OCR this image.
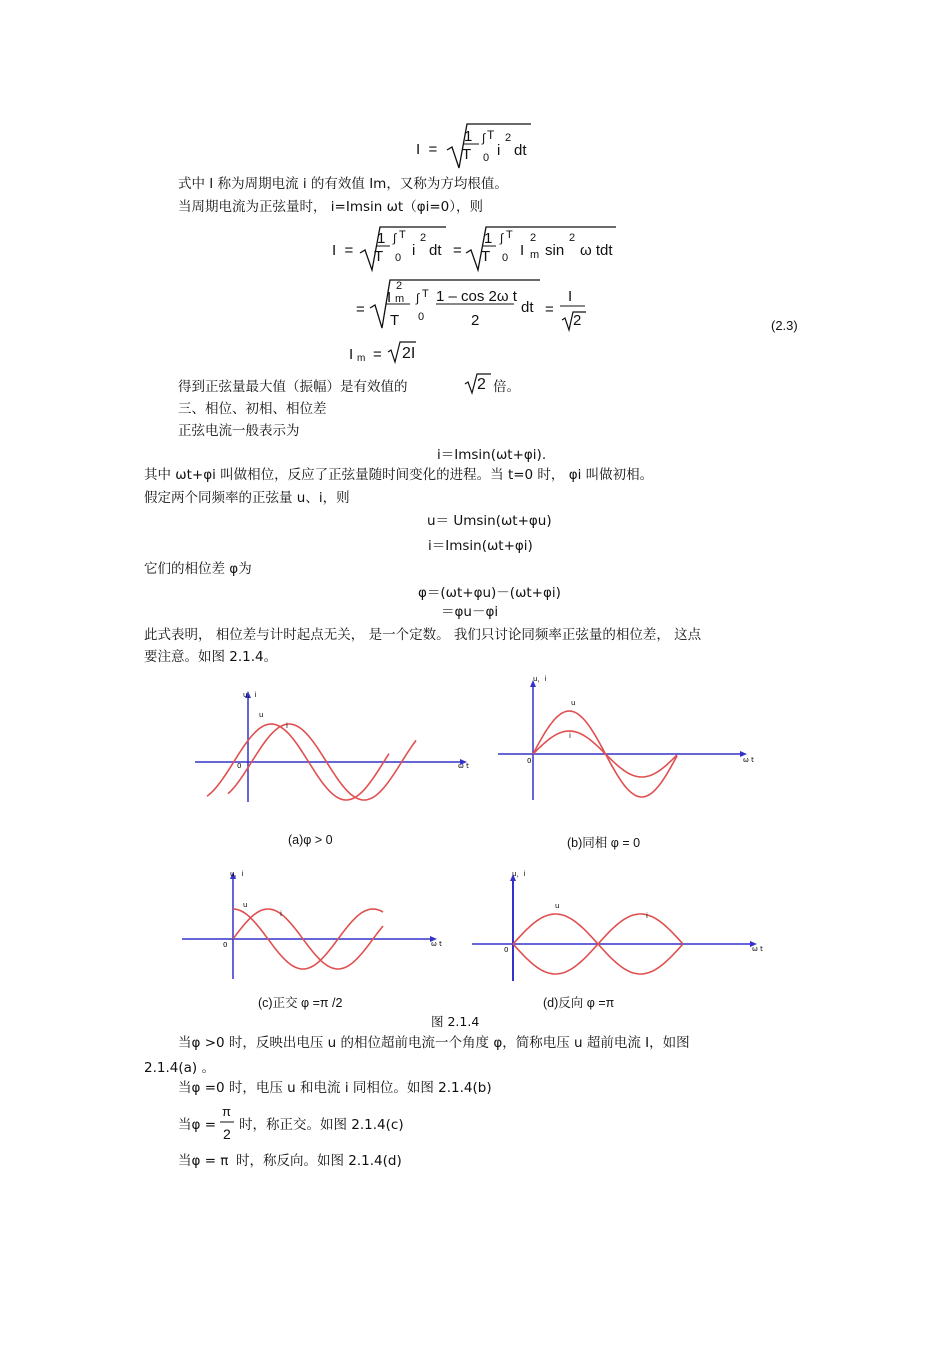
I  =
1
T
∫ T
0 i
2
dt
式中 I 称为周期电流 i 的有效值 Im，又称为方均根值。
当周期电流为正弦量时， i=Imsin ωt（φi=0），则
I  =
1
T
∫ T
0 i
2
dt =
1
T
∫ T
0 I
2
m sin
2
ω tdt
=
I
2
m
T
∫ T
0
1 – cos 2ω t
2
dt =
I
2	(2.3)
I m = 2I
得到正弦量最大值（振幅）是有效值的	2 倍。
三、相位、初相、相位差
正弦电流一般表示为
i＝Imsin(ωt+φi).
其中 ωt+φi 叫做相位，反应了正弦量随时间变化的进程。当 t=0 时， φi 叫做初相。
假定两个同频率的正弦量 u、i，则
u＝ Umsin(ωt+φu)
i＝Imsin(ωt+φi)
它们的相位差 φ为
φ＝(ωt+φu)－(ωt+φi)
＝φu－φi
此式表明， 相位差与计时起点无关， 是一个定数。 我们只讨论同频率正弦量的相位差， 这点
要注意。如图 2.1.4。
u，i
ω t
0
u
i
(a)φ > 0
u，i
ω t
0
u
i
(b)同相 φ = 0
u，i
ω t
0
u
i
(c)正交 φ =π /2
u，i
ω t
0
u
i
(d)反向 φ =π
图 2.1.4
当φ >0 时，反映出电压 u 的相位超前电流一个角度 φ，简称电压 u 超前电流 I，如图
2.1.4(a) 。
当φ =0 时，电压 u 和电流 i 同相位。如图 2.1.4(b)
当φ =
π
2
时，称正交。如图 2.1.4(c)
当φ = π 时，称反向。如图 2.1.4(d)
